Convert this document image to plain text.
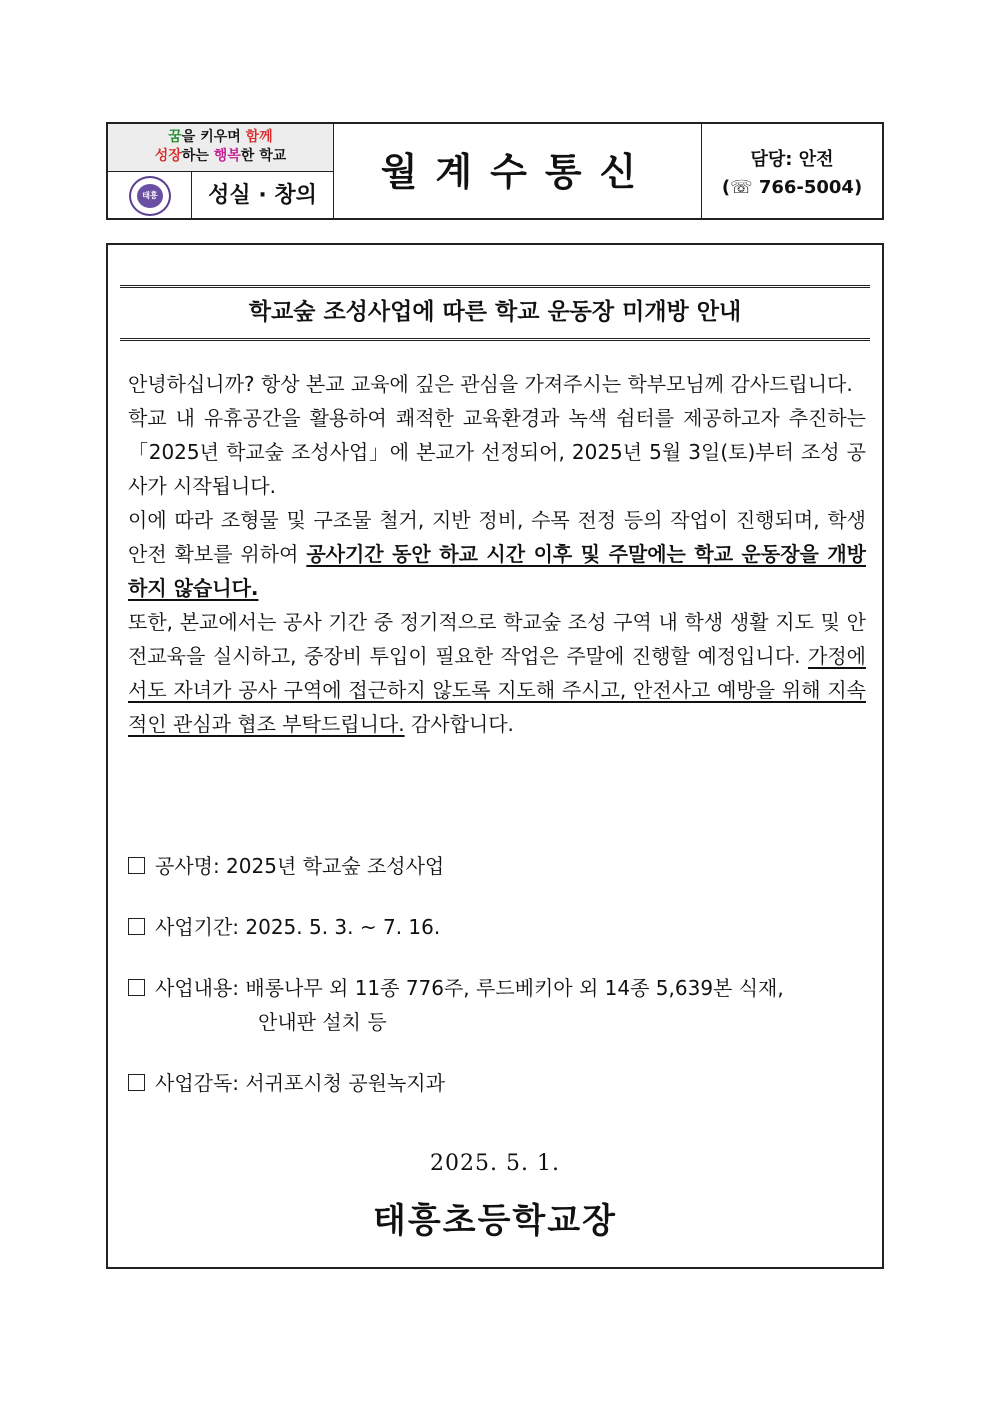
꿈을 키우며 함께
성장하는 행복한 학교
태흥	성실 · 창의
월계수통신	담당: 안전
(☏ 766-5004)
학교숲 조성사업에 따른 학교 운동장 미개방 안내

안녕하십니까? 항상 본교 교육에 깊은 관심을 가져주시는 학부모님께 감사드립니다.

학교 내 유휴공간을 활용하여 쾌적한 교육환경과 녹색 쉼터를 제공하고자 추진하는 「2025년 학교숲 조성사업」에 본교가 선정되어, 2025년 5월 3일(토)부터 조성 공사가 시작됩니다.

이에 따라 조형물 및 구조물 철거, 지반 정비, 수목 전정 등의 작업이 진행되며, 학생 안전 확보를 위하여 공사기간 동안 하교 시간 이후 및 주말에는 학교 운동장을 개방하지 않습니다.

또한, 본교에서는 공사 기간 중 정기적으로 학교숲 조성 구역 내 학생 생활 지도 및 안전교육을 실시하고, 중장비 투입이 필요한 작업은 주말에 진행할 예정입니다. 가정에서도 자녀가 공사 구역에 접근하지 않도록 지도해 주시고, 안전사고 예방을 위해 지속적인 관심과 협조 부탁드립니다. 감사합니다.

공사명: 2025년 학교숲 조성사업
사업기간: 2025. 5. 3. ~ 7. 16.
사업내용: 배롱나무 외 11종 776주, 루드베키아 외 14종 5,639본 식재,
안내판 설치 등
사업감독: 서귀포시청 공원녹지과
2025. 5. 1.
태흥초등학교장
